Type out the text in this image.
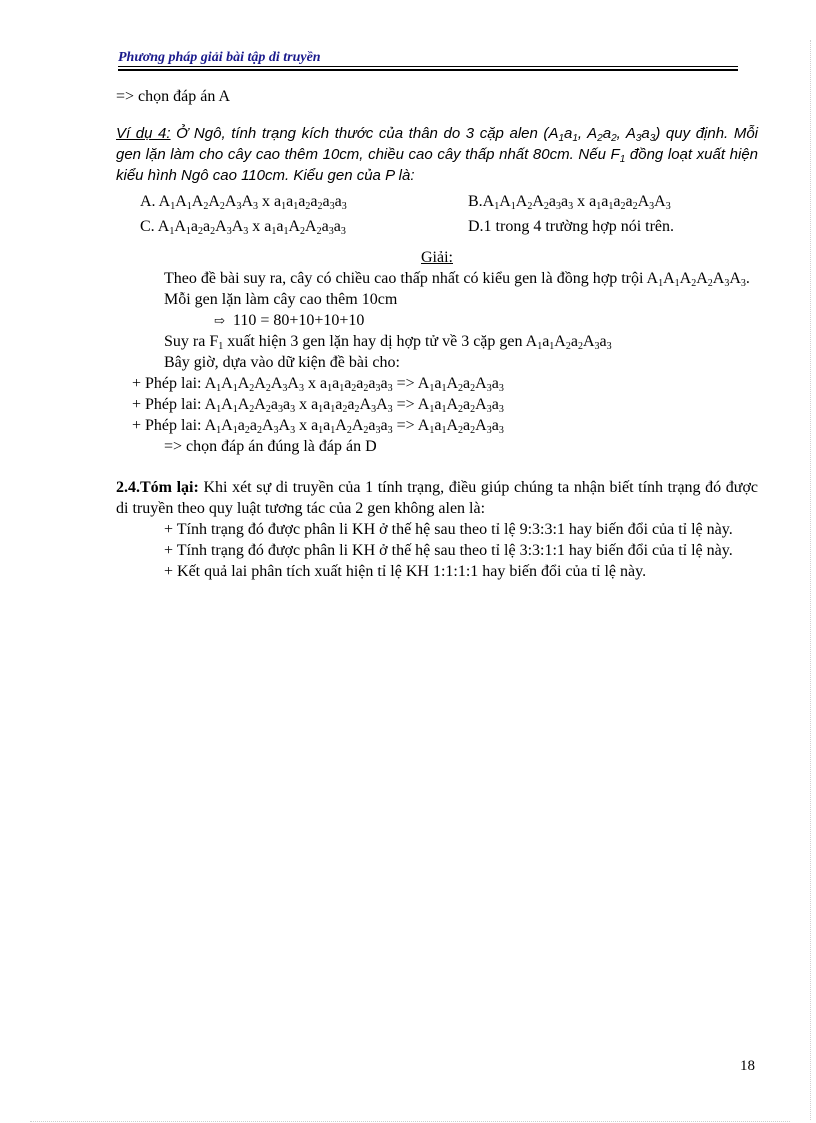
Phương pháp giải bài tập di truyền

=> chọn đáp án A

Ví dụ 4: Ở Ngô, tính trạng kích thước của thân do 3 cặp alen ($A_1a_1$, $A_2a_2$, $A_3a_3$) quy định. Mỗi gen lặn làm cho cây cao thêm 10cm, chiều cao cây thấp nhất 80cm. Nếu $F_1$ đồng loạt xuất hiện kiểu hình Ngô cao 110cm. Kiểu gen của P là:

A. $A_1A_1A_2A_2A_3A_3$ x $a_1a_1a_2a_2a_3a_3$	$B.A_1A_1A_2A_2a_3a_3$ x $a_1a_1a_2a_2A_3A_3$
C. $A_1A_1a_2a_2A_3A_3$ x $a_1a_1A_2A_2a_3a_3$	D.1 trong 4 trường hợp nói trên.

Giải:

Theo đề bài suy ra, cây có chiều cao thấp nhất có kiểu gen là đồng hợp trội $A_1A_1A_2A_2A_3A_3$.

Mỗi gen lặn làm cây cao thêm 10cm

⇨ 110 = 80+10+10+10

Suy ra $F_1$ xuất hiện 3 gen lặn hay dị hợp tử về 3 cặp gen $A_1a_1A_2a_2A_3a_3$

Bây giờ, dựa vào dữ kiện đề bài cho:

+ Phép lai: $A_1A_1A_2A_2A_3A_3$ x $a_1a_1a_2a_2a_3a_3 => A_1a_1A_2a_2A_3a_3$

+ Phép lai: $A_1A_1A_2A_2a_3a_3$ x $a_1a_1a_2a_2A_3A_3 => A_1a_1A_2a_2A_3a_3$

+ Phép lai: $A_1A_1a_2a_2A_3A_3$ x $a_1a_1A_2A_2a_3a_3 => A_1a_1A_2a_2A_3a_3$

=> chọn đáp án đúng là đáp án D

2.4.Tóm lại: Khi xét sự di truyền của 1 tính trạng, điều giúp chúng ta nhận biết tính trạng đó được di truyền theo quy luật tương tác của 2 gen không alen là:

+ Tính trạng đó được phân li KH ở thế hệ sau theo tỉ lệ 9:3:3:1 hay biến đổi của tỉ lệ này.

+ Tính trạng đó được phân li KH ở thế hệ sau theo tỉ lệ 3:3:1:1 hay biến đổi của tỉ lệ này.

+ Kết quả lai phân tích xuất hiện tỉ lệ KH 1:1:1:1 hay biến đổi của tỉ lệ này.

18
